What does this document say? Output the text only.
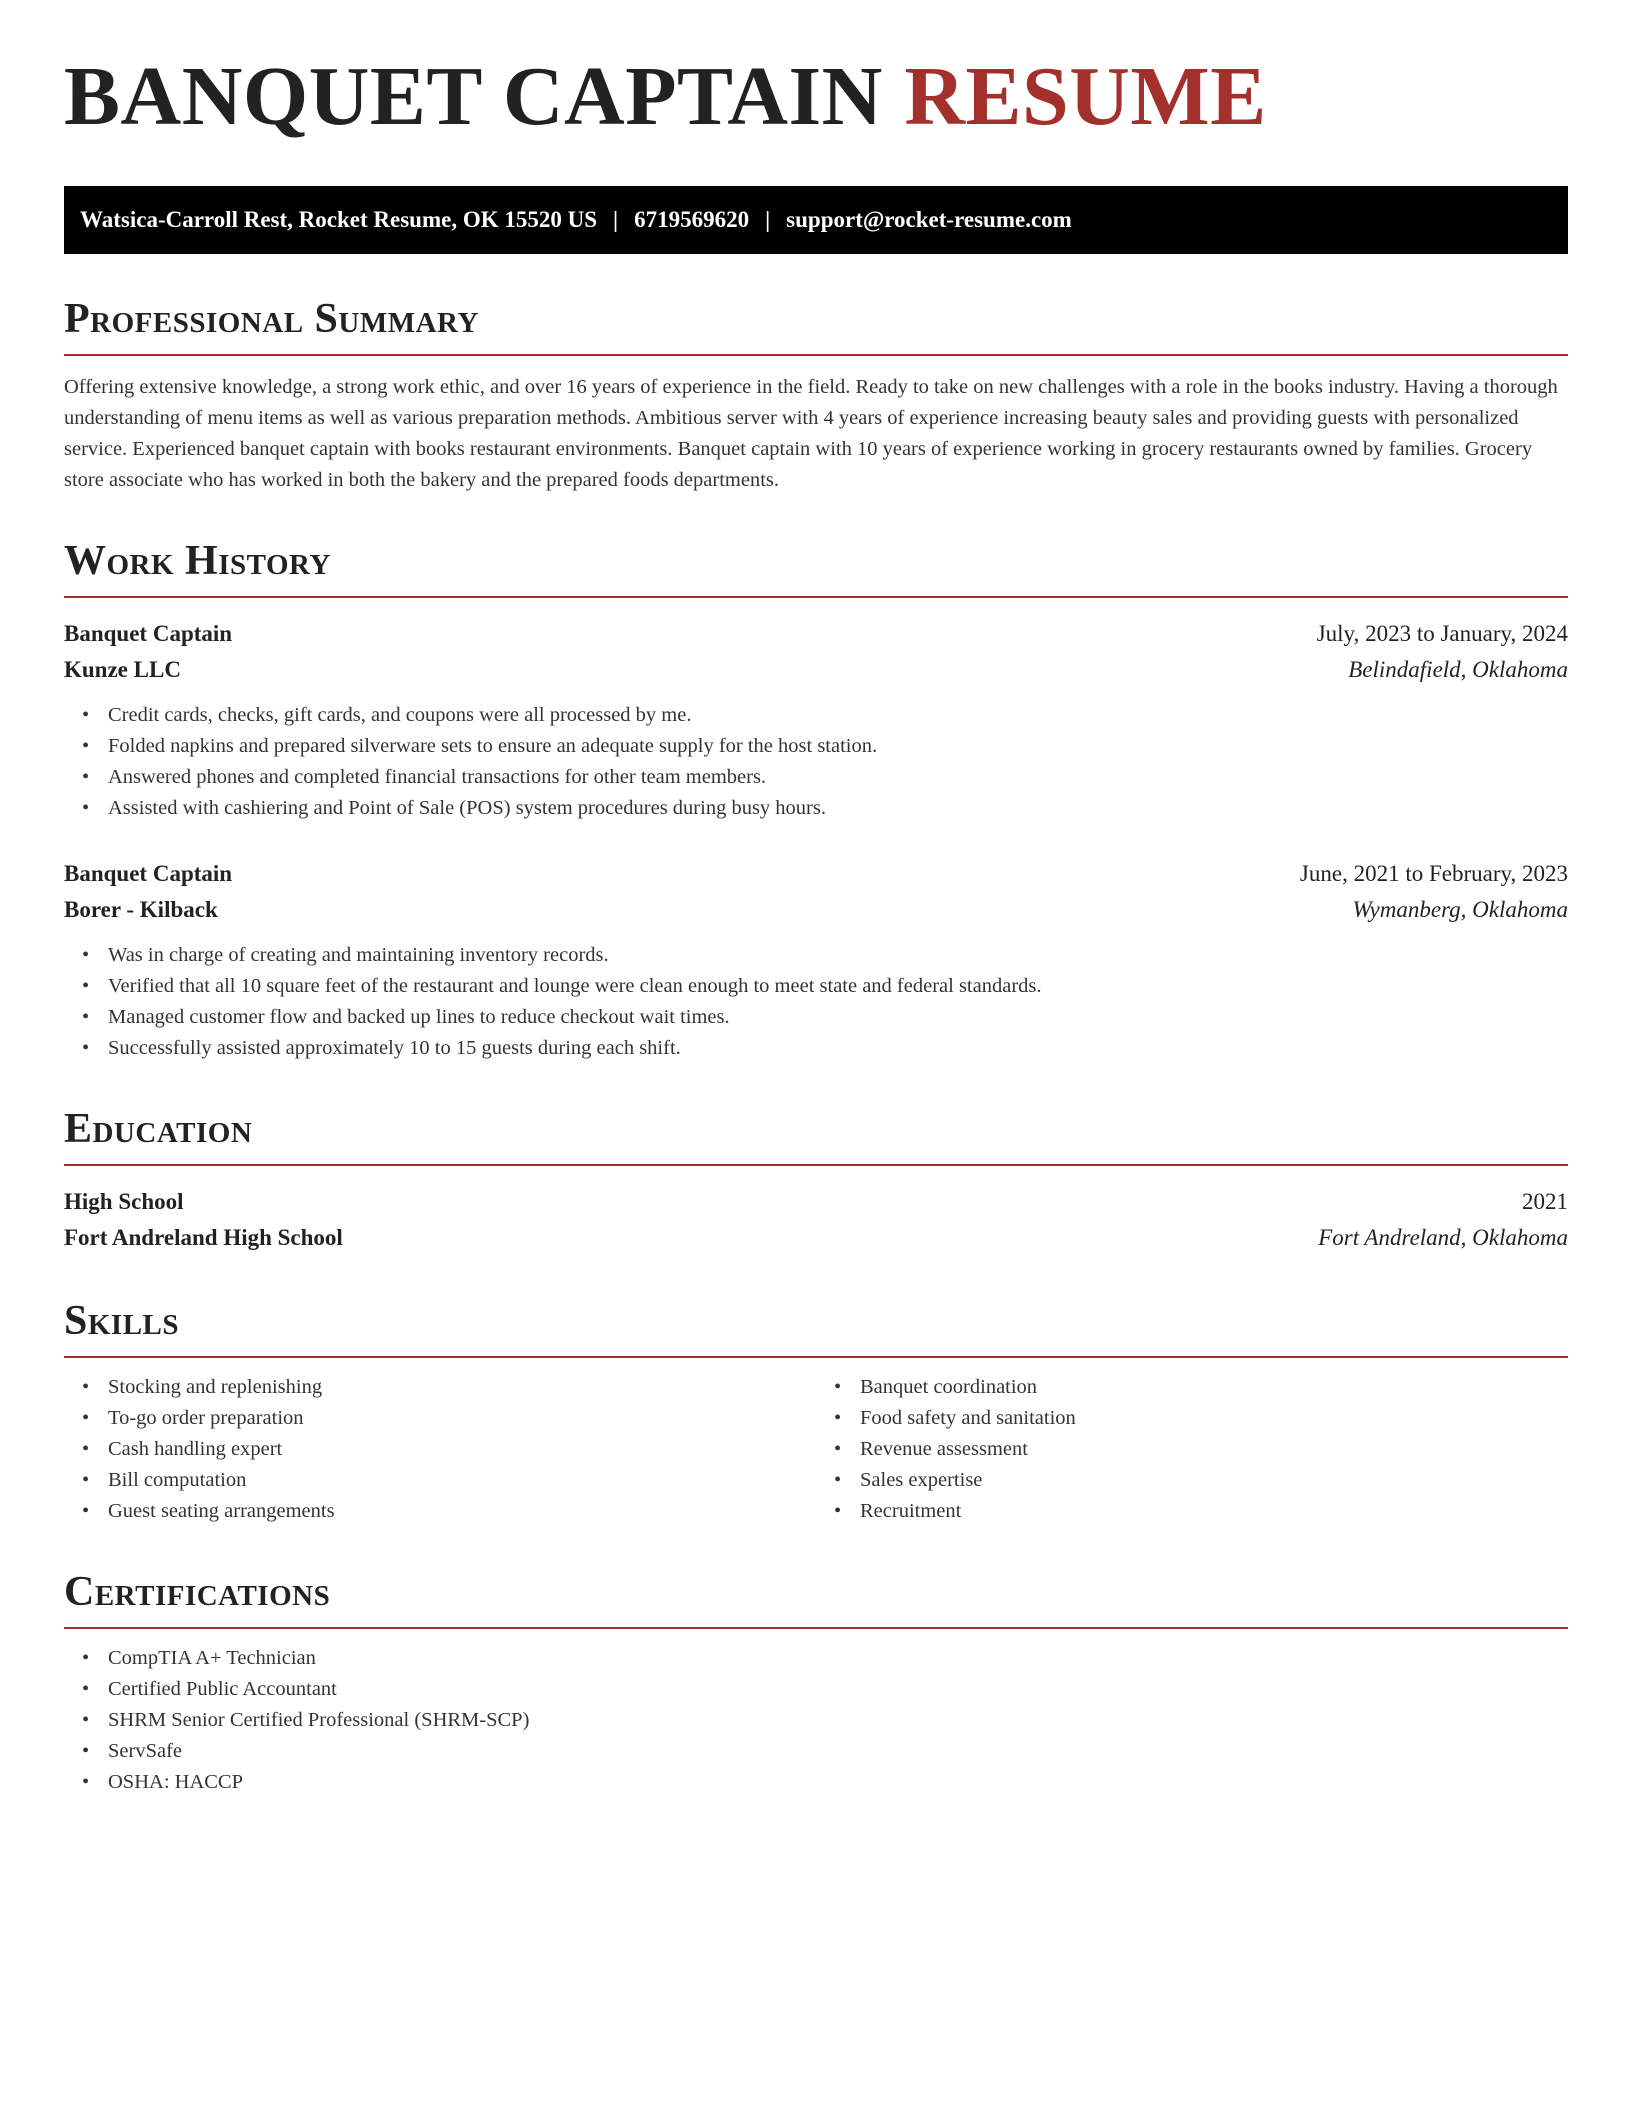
BANQUET CAPTAIN RESUME
Watsica-Carroll Rest, Rocket Resume, OK 15520 US | 6719569620 | support@rocket-resume.com
Professional Summary

Offering extensive knowledge, a strong work ethic, and over 16 years of experience in the field. Ready to take on new challenges with a role in the books industry. Having a thorough understanding of menu items as well as various preparation methods. Ambitious server with 4 years of experience increasing beauty sales and providing guests with personalized service. Experienced banquet captain with books restaurant environments. Banquet captain with 10 years of experience working in grocery restaurants owned by families. Grocery store associate who has worked in both the bakery and the prepared foods departments.

Work History
Banquet Captain	July, 2023 to January, 2024
Kunze LLC	Belindafield, Oklahoma
• Credit cards, checks, gift cards, and coupons were all processed by me.
• Folded napkins and prepared silverware sets to ensure an adequate supply for the host station.
• Answered phones and completed financial transactions for other team members.
• Assisted with cashiering and Point of Sale (POS) system procedures during busy hours.
Banquet Captain	June, 2021 to February, 2023
Borer - Kilback	Wymanberg, Oklahoma
• Was in charge of creating and maintaining inventory records.
• Verified that all 10 square feet of the restaurant and lounge were clean enough to meet state and federal standards.
• Managed customer flow and backed up lines to reduce checkout wait times.
• Successfully assisted approximately 10 to 15 guests during each shift.
Education
High School	2021
Fort Andreland High School	Fort Andreland, Oklahoma
Skills
• Stocking and replenishing
• To-go order preparation
• Cash handling expert
• Bill computation
• Guest seating arrangements
• Banquet coordination
• Food safety and sanitation
• Revenue assessment
• Sales expertise
• Recruitment
Certifications
• CompTIA A+ Technician
• Certified Public Accountant
• SHRM Senior Certified Professional (SHRM-SCP)
• ServSafe
• OSHA: HACCP
